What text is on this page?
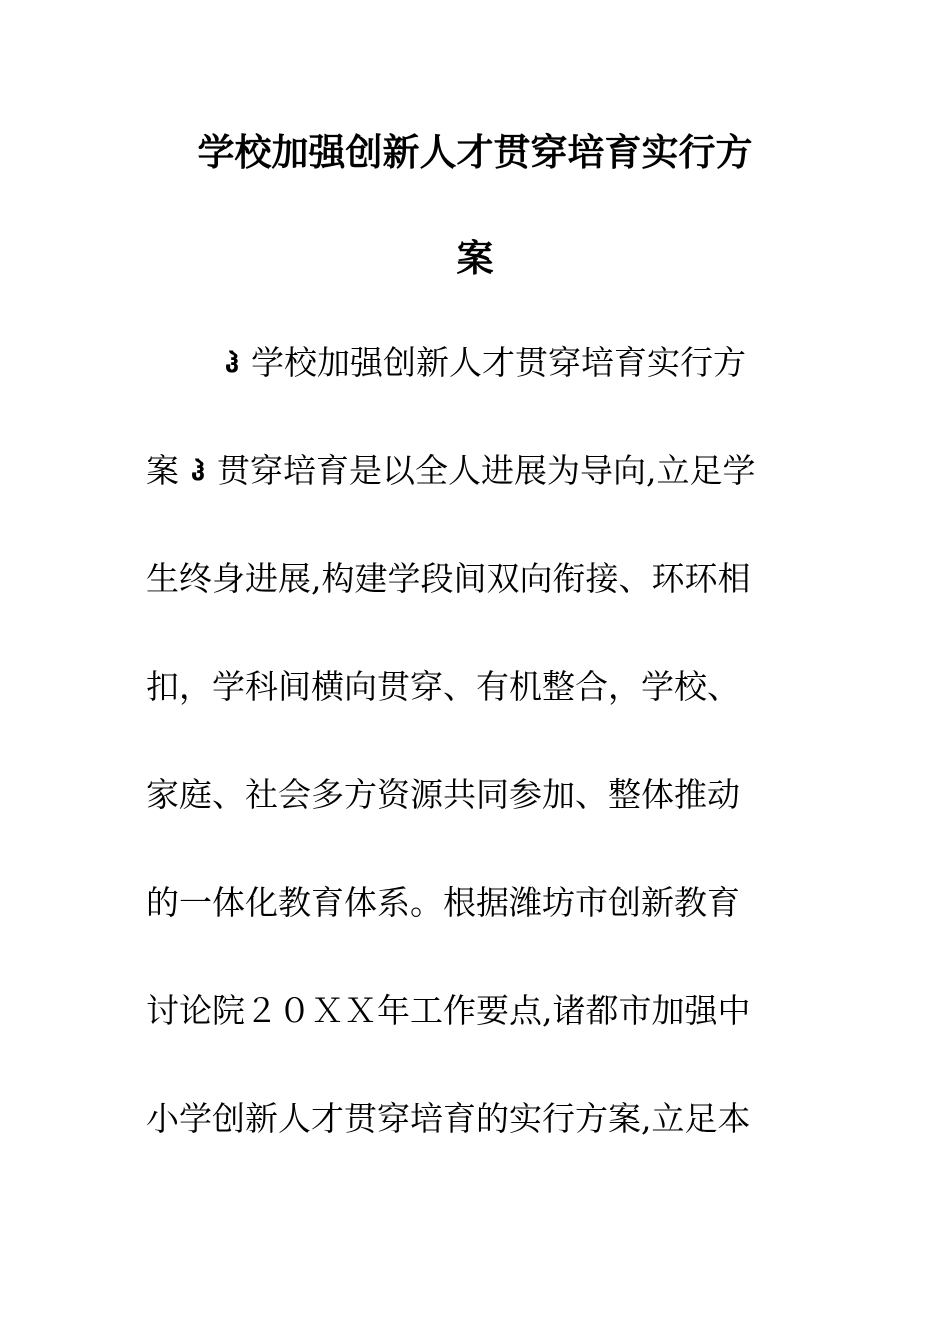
学校加强创新人才贯穿培育实行方
案
ჰ 学校加强创新人才贯穿培育实行方
案 ჰ 贯穿培育是以全人进展为导向,立足学
生终身进展,构建学段间双向衔接、环环相
扣，学科间横向贯穿、有机整合，学校、
家庭、社会多方资源共同参加、整体推动
的一体化教育体系。根据潍坊市创新教育
讨论院２０ＸＸ年工作要点,诸都市加强中
小学创新人才贯穿培育的实行方案,立足本
